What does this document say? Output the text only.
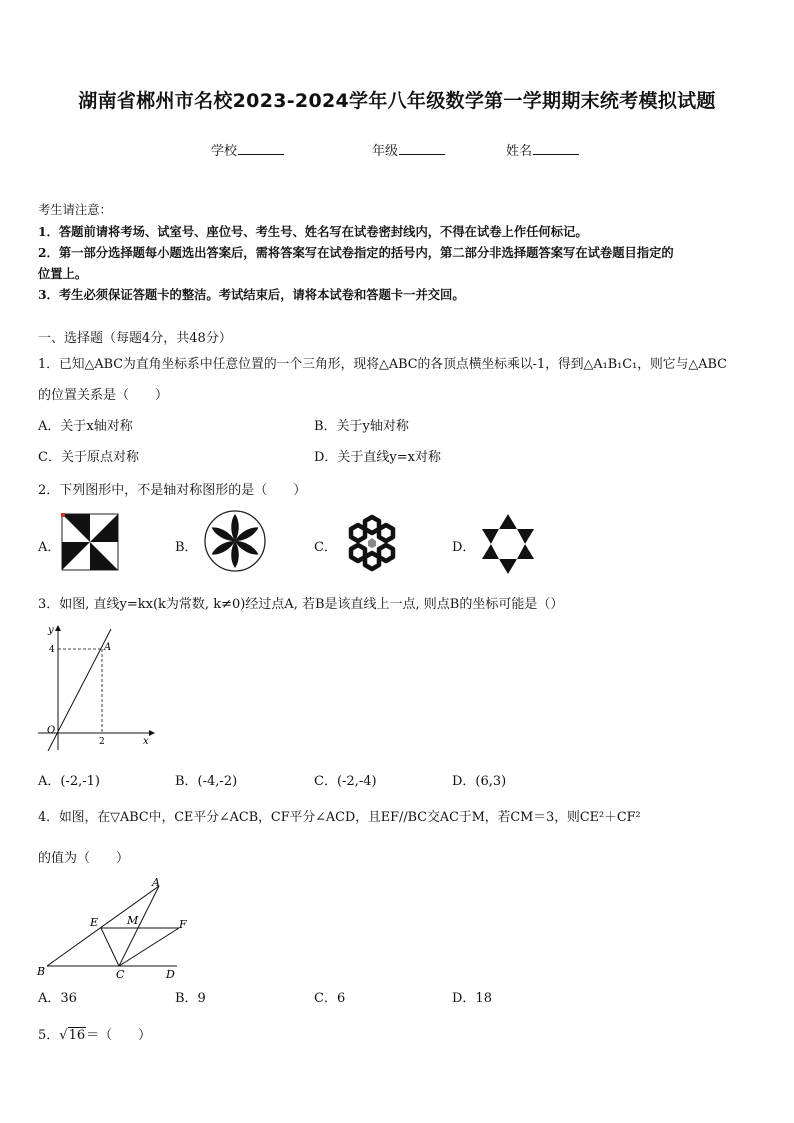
湖南省郴州市名校2023-2024学年八年级数学第一学期期末统考模拟试题
学校	年级	姓名
考生请注意：
1．答题前请将考场、试室号、座位号、考生号、姓名写在试卷密封线内，不得在试卷上作任何标记。
2．第一部分选择题每小题选出答案后，需将答案写在试卷指定的括号内，第二部分非选择题答案写在试卷题目指定的
位置上。
3．考生必须保证答题卡的整洁。考试结束后，请将本试卷和答题卡一并交回。
一、选择题（每题4分，共48分）
1．已知△ABC为直角坐标系中任意位置的一个三角形，现将△ABC的各顶点横坐标乘以-1，得到△A₁B₁C₁，则它与△ABC
的位置关系是（　　）
A．关于x轴对称	B．关于y轴对称
C．关于原点对称	D．关于直线y=x对称
2．下列图形中，不是轴对称图形的是（　　）
A．	B．	C．	D．
3．如图, 直线y=kx(k为常数, k≠0)经过点A, 若B是该直线上一点, 则点B的坐标可能是（）
y
x
O
A
4
2
A．(-2,-1)	B．(-4,-2)	C．(-2,-4)	D．(6,3)
4．如图，在▽ABC中，CE平分∠ACB，CF平分∠ACD，且EF//BC交AC于M，若CM＝3，则CE²＋CF²
的值为（　　）
A
B	C	D
E	F
M
A．36	B．9	C．6	D．18
5．√16＝（　　）
